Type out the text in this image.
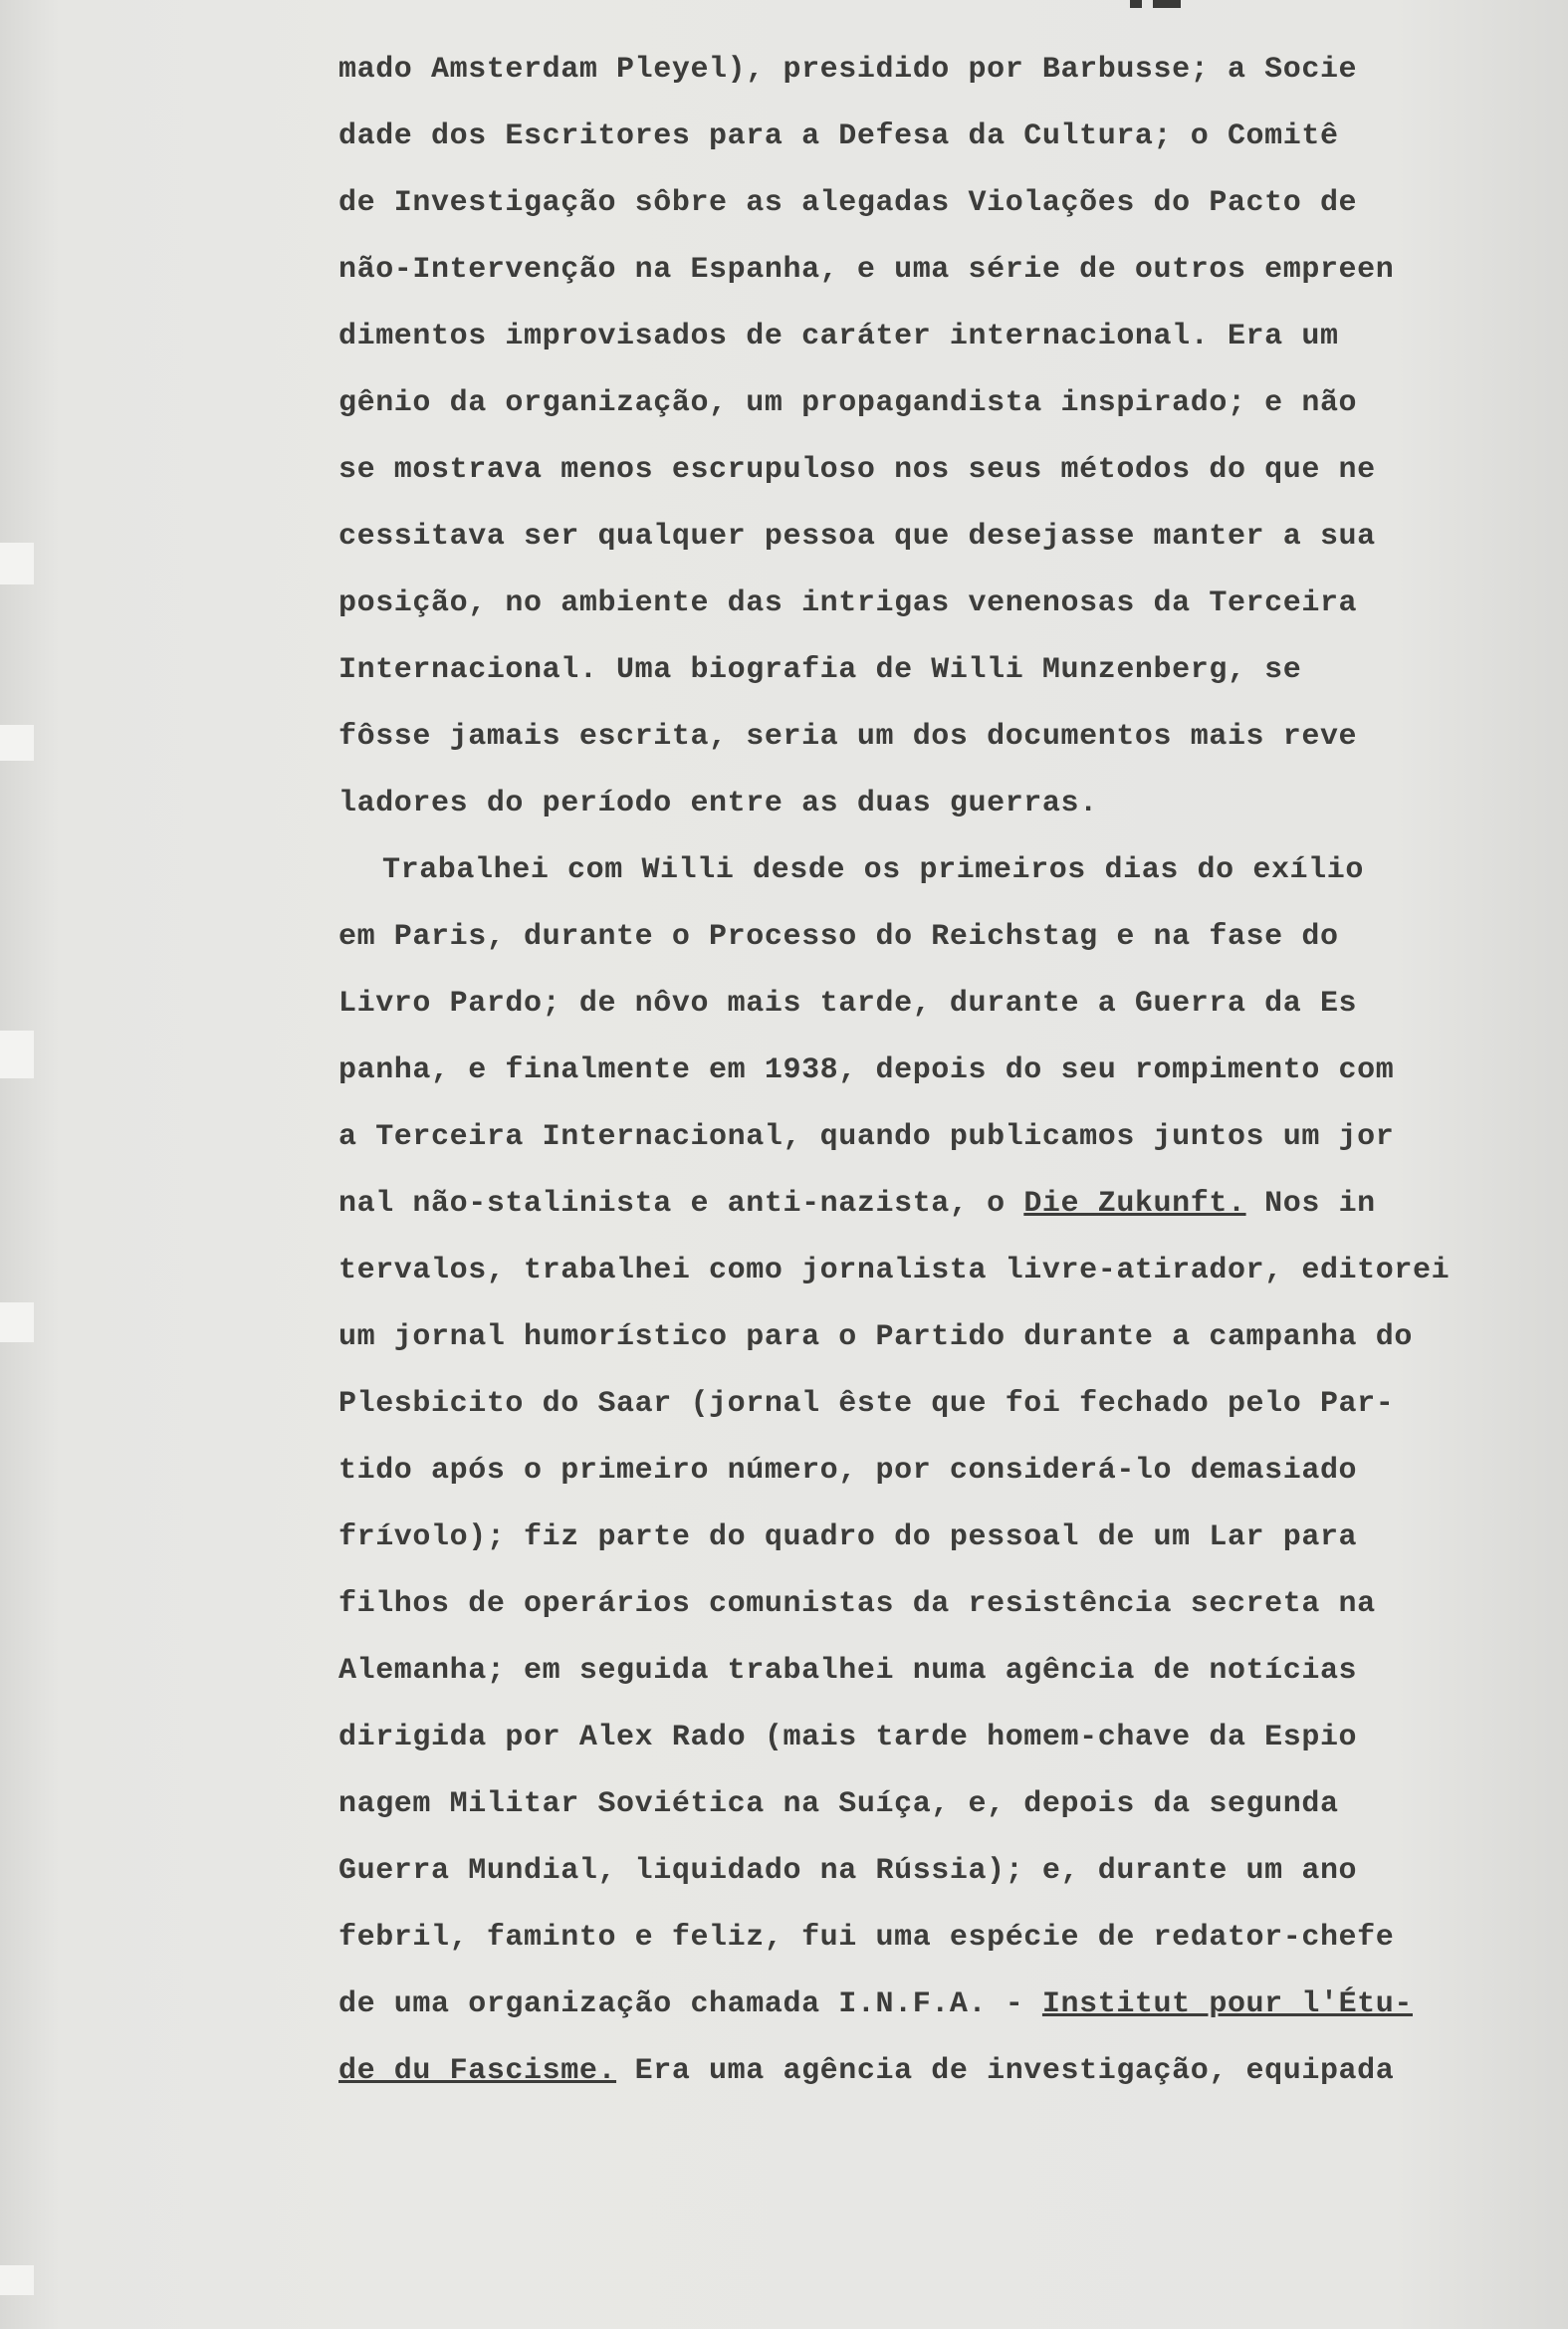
mado Amsterdam Pleyel), presidido por Barbusse; a Socie
dade dos Escritores para a Defesa da Cultura; o Comitê
de Investigação sôbre as alegadas Violações do Pacto de
não-Intervenção na Espanha, e uma série de outros empreen
dimentos improvisados de caráter internacional. Era um
gênio da organização, um propagandista inspirado; e não
se mostrava menos escrupuloso nos seus métodos do que ne
cessitava ser qualquer pessoa que desejasse manter a sua
posição, no ambiente das intrigas venenosas da Terceira
Internacional. Uma biografia de Willi Munzenberg, se
fôsse jamais escrita, seria um dos documentos mais reve
ladores do período entre as duas guerras.
Trabalhei com Willi desde os primeiros dias do exílio
em Paris, durante o Processo do Reichstag e na fase do
Livro Pardo; de nôvo mais tarde, durante a Guerra da Es
panha, e finalmente em 1938, depois do seu rompimento com
a Terceira Internacional, quando publicamos juntos um jor
nal não-stalinista e anti-nazista, o Die Zukunft. Nos in
tervalos, trabalhei como jornalista livre-atirador, editorei
um jornal humorístico para o Partido durante a campanha do
Plesbicito do Saar (jornal êste que foi fechado pelo Par-
tido após o primeiro número, por considerá-lo demasiado
frívolo); fiz parte do quadro do pessoal de um Lar para
filhos de operários comunistas da resistência secreta na
Alemanha; em seguida trabalhei numa agência de notícias
dirigida por Alex Rado (mais tarde homem-chave da Espio
nagem Militar Soviética na Suíça, e, depois da segunda
Guerra Mundial, liquidado na Rússia); e, durante um ano
febril, faminto e feliz, fui uma espécie de redator-chefe
de uma organização chamada I.N.F.A. - Institut pour l'Étu-
de du Fascisme. Era uma agência de investigação, equipada
